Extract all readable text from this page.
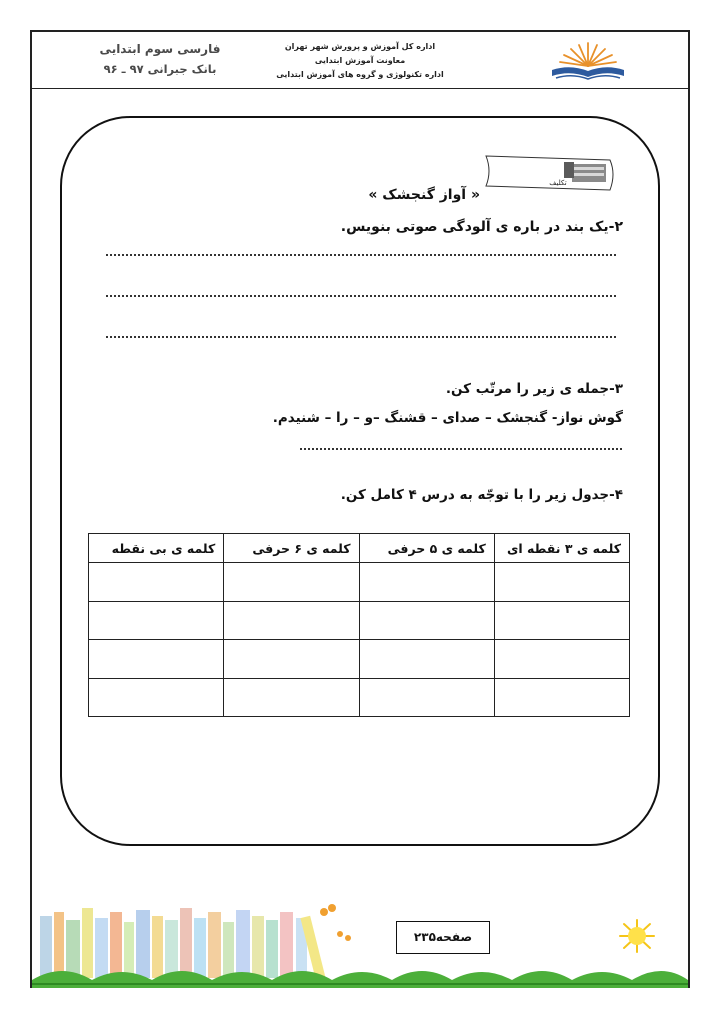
فارسی سوم ابتدایی
بانک جبرانی ۹۷ ـ ۹۶
اداره کل آموزش و پرورش شهر تهران
معاونت آموزش ابتدایی
اداره تکنولوژی و گروه های آموزش ابتدایی
تکلیف
« آواز گنجشک »
۲-یک بند در باره ی آلودگی صوتی بنویس.
۳-جمله ی زیر را مرتّب کن.
گوش نواز- گنجشک – صدای – قشنگ –و – را – شنیدم.
۴-جدول زیر را با توجّه به درس ۴ کامل کن.
کلمه ی ۳ نقطه ای	کلمه ی ۵ حرفی	کلمه ی ۶ حرفی	کلمه ی بی نقطه

صفحه۲۳۵
